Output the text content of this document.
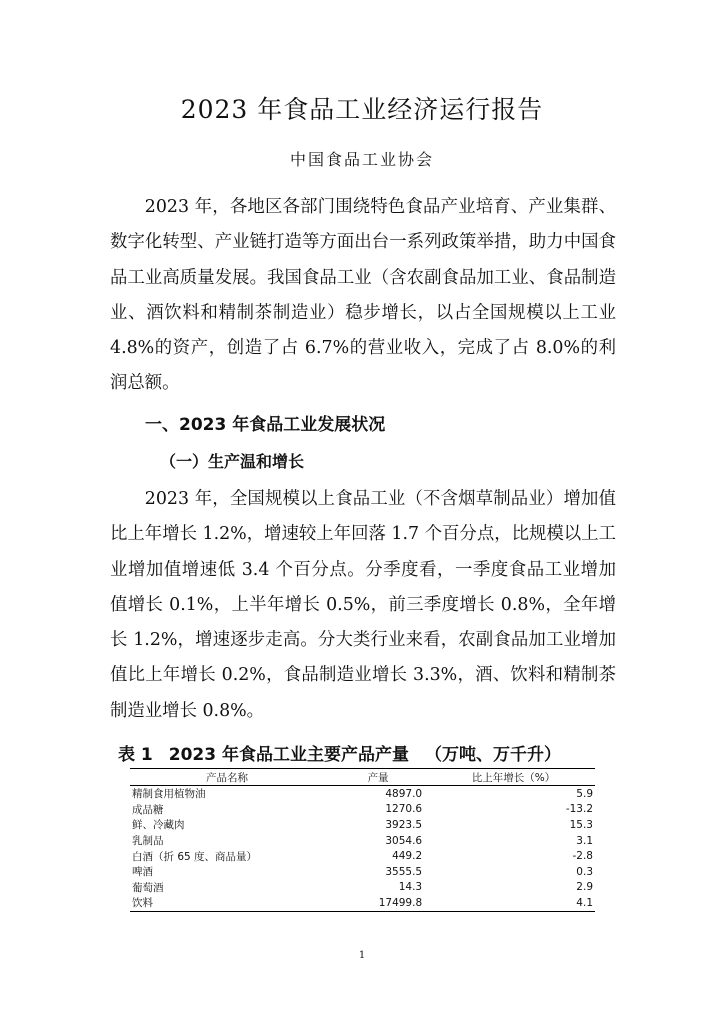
2023 年食品工业经济运行报告
中国食品工业协会

2023 年，各地区各部门围绕特色食品产业培育、产业集群、数字化转型、产业链打造等方面出台一系列政策举措，助力中国食品工业高质量发展。我国食品工业（含农副食品加工业、食品制造业、酒饮料和精制茶制造业）稳步增长，以占全国规模以上工业 4.8%的资产，创造了占 6.7%的营业收入，完成了占 8.0%的利润总额。

一、2023 年食品工业发展状况
（一）生产温和增长

2023 年，全国规模以上食品工业（不含烟草制品业）增加值比上年增长 1.2%，增速较上年回落 1.7 个百分点，比规模以上工业增加值增速低 3.4 个百分点。分季度看，一季度食品工业增加值增长 0.1%，上半年增长 0.5%，前三季度增长 0.8%，全年增长 1.2%，增速逐步走高。分大类行业来看，农副食品加工业增加值比上年增长 0.2%，食品制造业增长 3.3%，酒、饮料和精制茶制造业增长 0.8%。

表 1 2023 年食品工业主要产品产量 （万吨、万千升）
产品名称	产量	比上年增长（%）
精制食用植物油	4897.0	5.9
成品糖	1270.6	-13.2
鲜、冷藏肉	3923.5	15.3
乳制品	3054.6	3.1
白酒（折 65 度、商品量）	449.2	-2.8
啤酒	3555.5	0.3
葡萄酒	14.3	2.9
饮料	17499.8	4.1
1
